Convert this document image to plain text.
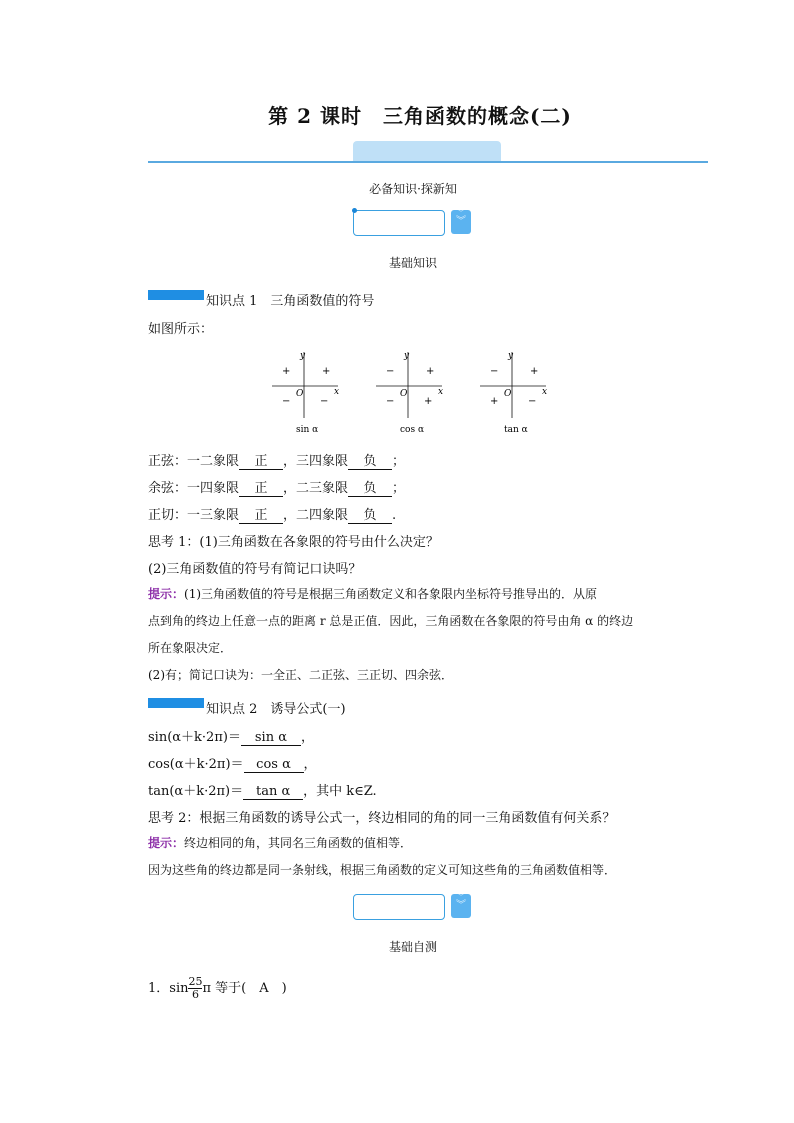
第 2 课时　三角函数的概念(二)
必备知识·探新知
︾
︾
基础知识
知识点 1　三角函数值的符号
如图所示：
y
x
O
+
+
−	−
sin α
y
x
O
+
−
−	+
cos α
y
x
O
+
−
+	−
tan α
正弦：一二象限 正 ，三四象限 负 ；
余弦：一四象限 正 ，二三象限 负 ；
正切：一三象限 正 ，二四象限 负 .
思考 1：(1)三角函数在各象限的符号由什么决定？
(2)三角函数值的符号有简记口诀吗？
提示：(1)三角函数值的符号是根据三角函数定义和各象限内坐标符号推导出的．从原
点到角的终边上任意一点的距离 r 总是正值．因此，三角函数在各象限的符号由角 α 的终边
所在象限决定．
(2)有；简记口诀为：一全正、二正弦、三正切、四余弦．
知识点 2　诱导公式(一)
sin(α＋k·2π)＝ sin α ，
cos(α＋k·2π)＝ cos α ，
tan(α＋k·2π)＝ tan α ，其中 k∈Z.
思考 2：根据三角函数的诱导公式一，终边相同的角的同一三角函数值有何关系？
提示：终边相同的角，其同名三角函数的值相等．
因为这些角的终边都是同一条射线，根据三角函数的定义可知这些角的三角函数值相等．
︾
︾
基础自测
1．$\sin \frac{25}{6}$ π 等于(　A　)
